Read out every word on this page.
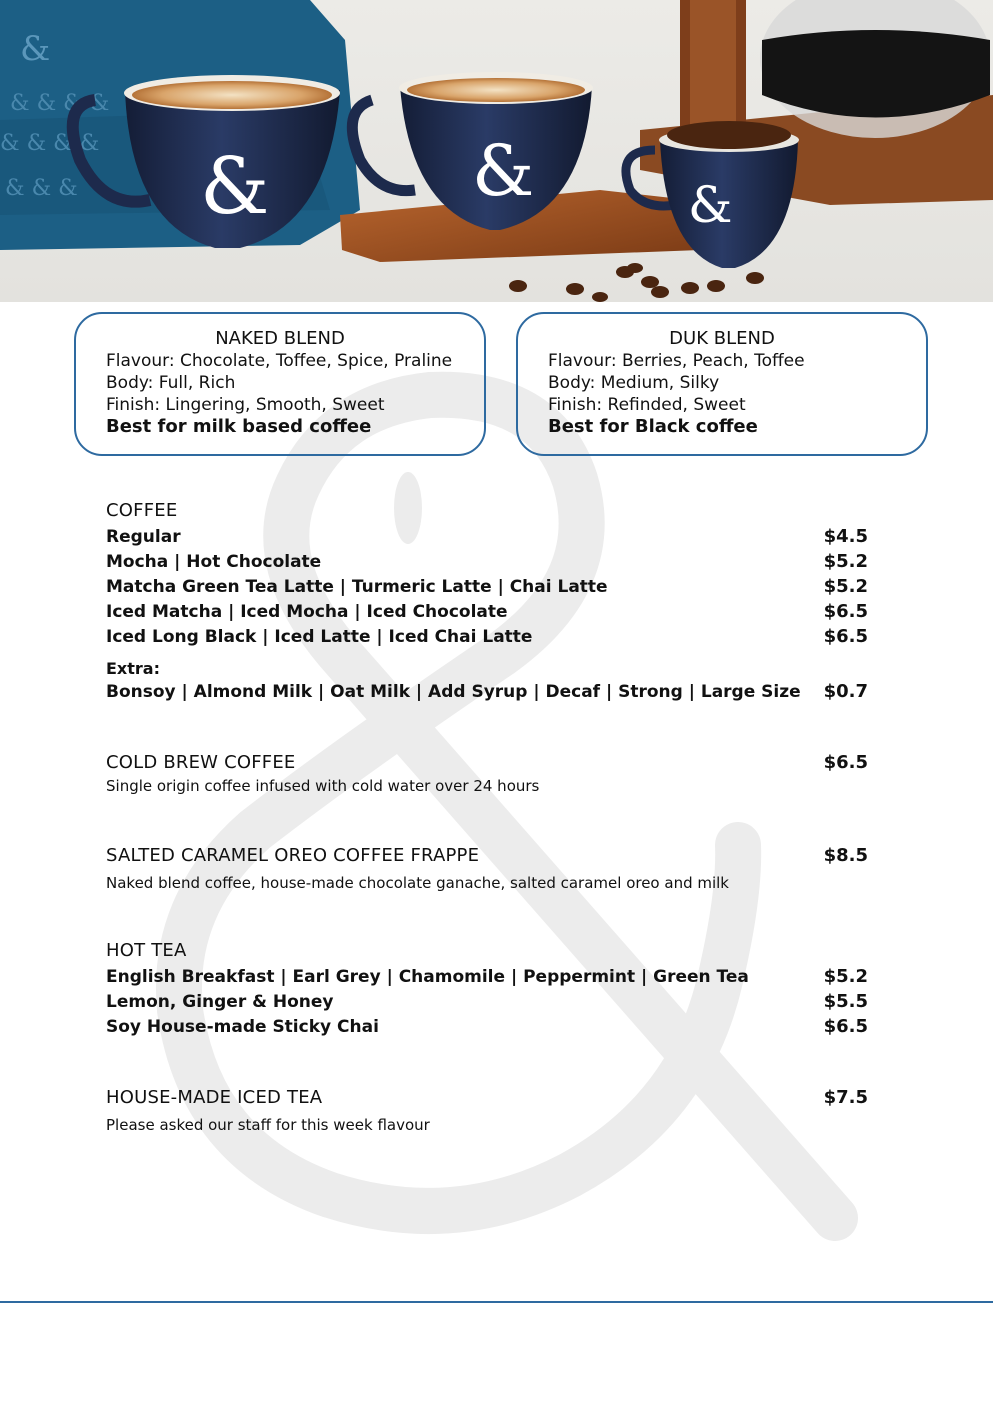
&
& & & &
& & & &
& & & &	&	&
NAKED BLEND
Flavour: Chocolate, Toffee, Spice, Praline
Body: Full, Rich
Finish: Lingering, Smooth, Sweet
Best for milk based coffee
DUK BLEND
Flavour: Berries, Peach, Toffee
Body: Medium, Silky
Finish: Refinded, Sweet
Best for Black coffee
COFFEE
Regular	$4.5
Mocha | Hot Chocolate	$5.2
Matcha Green Tea Latte | Turmeric Latte | Chai Latte	$5.2
Iced Matcha | Iced Mocha | Iced Chocolate	$6.5
Iced Long Black | Iced Latte | Iced Chai Latte	$6.5
Extra:
Bonsoy | Almond Milk | Oat Milk | Add Syrup | Decaf | Strong | Large Size $0.7
COLD BREW COFFEE	$6.5
Single origin coffee infused with cold water over 24 hours
SALTED CARAMEL OREO COFFEE FRAPPE	$8.5
Naked blend coffee, house-made chocolate ganache, salted caramel oreo and milk
HOT TEA
English Breakfast | Earl Grey | Chamomile | Peppermint | Green Tea	$5.2
Lemon, Ginger & Honey	$5.5
Soy House-made Sticky Chai	$6.5
HOUSE-MADE ICED TEA	$7.5
Please asked our staff for this week flavour
